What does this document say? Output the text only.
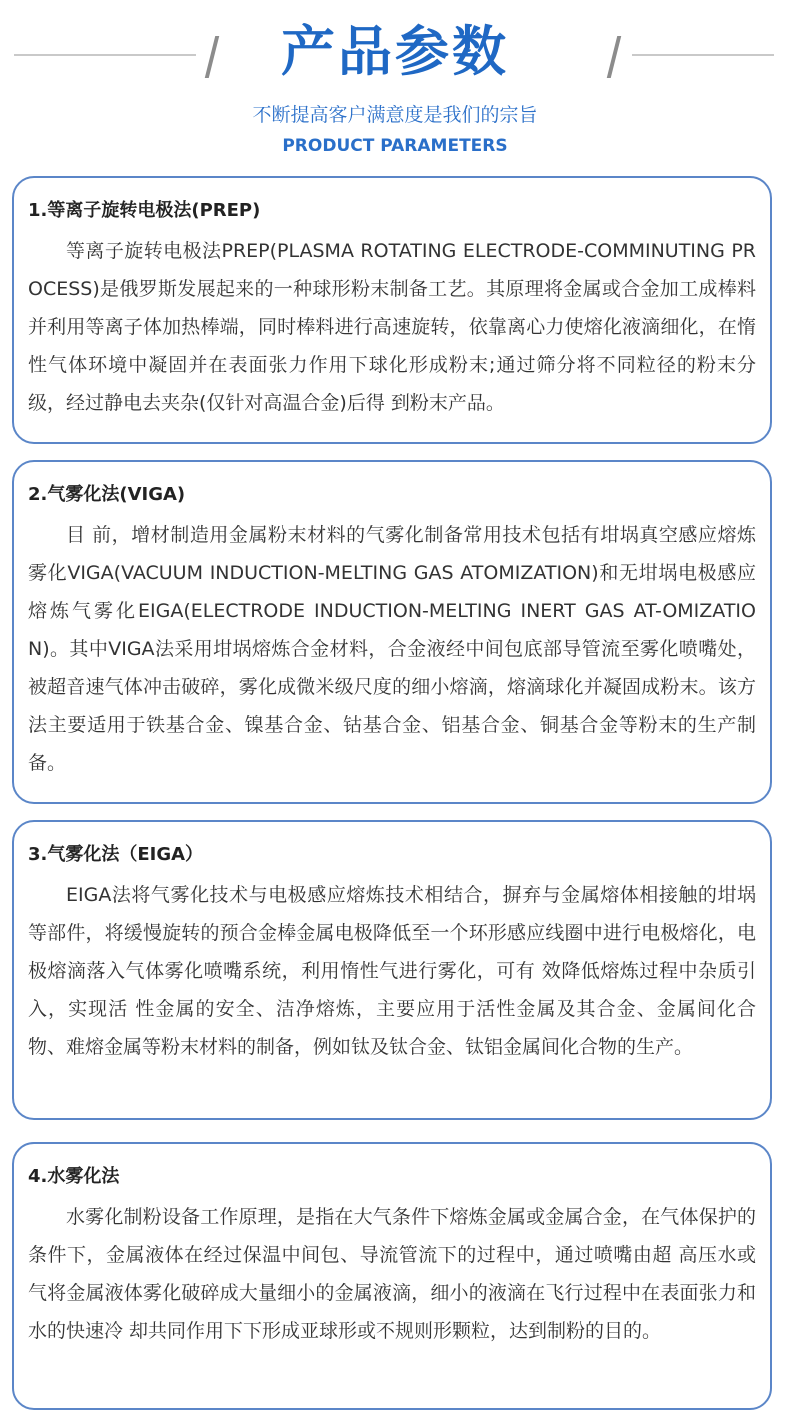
产品参数
不断提高客户满意度是我们的宗旨
PRODUCT PARAMETERS
1.等离子旋转电极法(PREP)

等离子旋转电极法PREP(PLASMA ROTATING ELECTRODE-COMMINUTING PROCESS)是俄罗斯发展起来的一种球形粉末制备工艺。其原理将金属或合金加工成棒料并利用等离子体加热棒端，同时棒料进行高速旋转，依靠离心力使熔化液滴细化，在惰性气体环境中凝固并在表面张力作用下球化形成粉末;通过筛分将不同粒径的粉末分级，经过静电去夹杂(仅针对高温合金)后得 到粉末产品。

2.气雾化法(VIGA)

目 前，增材制造用金属粉末材料的气雾化制备常用技术包括有坩埚真空感应熔炼雾化VIGA(VACUUM INDUCTION-MELTING GAS ATOMIZATION)和无坩埚电极感应熔炼气雾化EIGA(ELECTRODE INDUCTION-MELTING INERT GAS AT-OMIZATION)。其中VIGA法采用坩埚熔炼合金材料，合金液经中间包底部导管流至雾化喷嘴处，被超音速气体冲击破碎，雾化成微米级尺度的细小熔滴，熔滴球化并凝固成粉末。该方法主要适用于铁基合金、镍基合金、钴基合金、铝基合金、铜基合金等粉末的生产制备。

3.气雾化法（EIGA）

EIGA法将气雾化技术与电极感应熔炼技术相结合，摒弃与金属熔体相接触的坩埚等部件，将缓慢旋转的预合金棒金属电极降低至一个环形感应线圈中进行电极熔化，电极熔滴落入气体雾化喷嘴系统，利用惰性气进行雾化，可有 效降低熔炼过程中杂质引入，实现活 性金属的安全、洁净熔炼，主要应用于活性金属及其合金、金属间化合物、难熔金属等粉末材料的制备，例如钛及钛合金、钛铝金属间化合物的生产。

4.水雾化法

水雾化制粉设备工作原理，是指在大气条件下熔炼金属或金属合金，在气体保护的条件下，金属液体在经过保温中间包、导流管流下的过程中，通过喷嘴由超 高压水或气将金属液体雾化破碎成大量细小的金属液滴，细小的液滴在飞行过程中在表面张力和水的快速冷 却共同作用下下形成亚球形或不规则形颗粒，达到制粉的目的。
